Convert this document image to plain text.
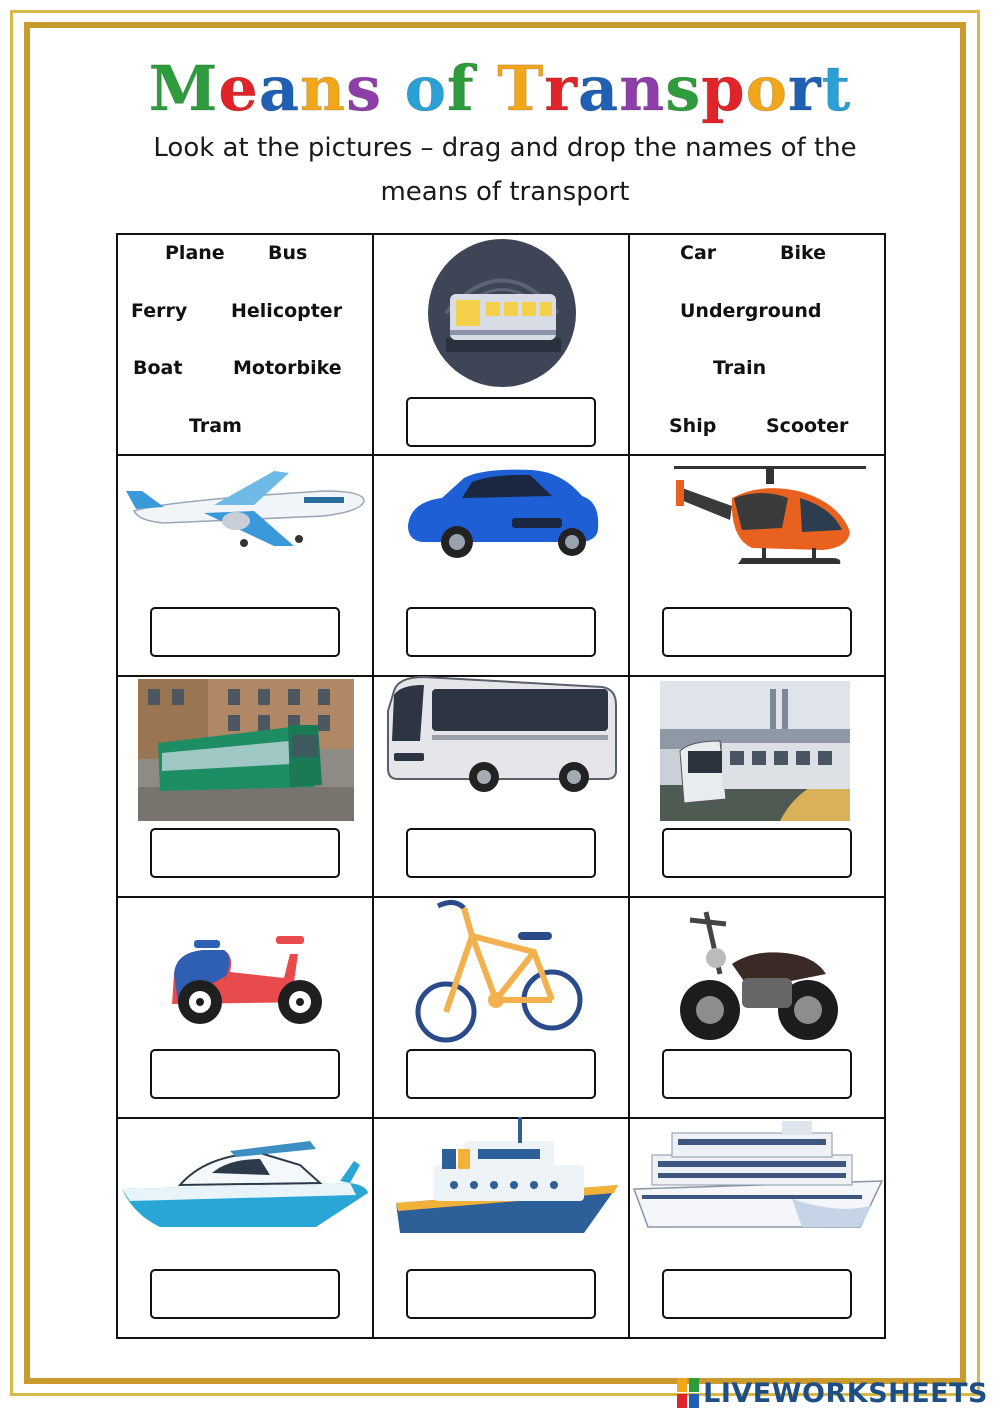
Means of Transport
Look at the pictures – drag and drop the names of the means of transport
Plane Bus
Ferry Helicopter
Boat	Motorbike
Tram
Car	Bike
Underground
Train
Ship	Scooter
LIVEWORKSHEETS
